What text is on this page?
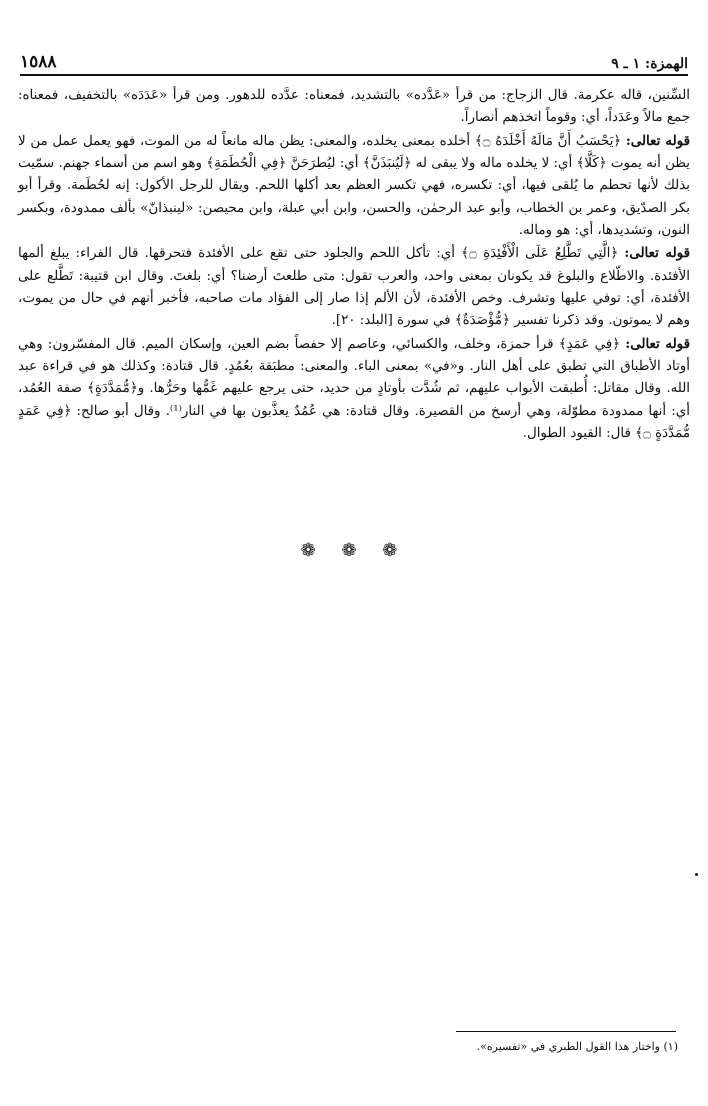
١٥٨٨	الهمزة: ١ ـ ٩

السِّنين، قاله عكرمة. قال الزجاج: من قرأ «عَدَّده» بالتشديد، فمعناه: عدَّده للدهور. ومن قرأ «عَدَدَه» بالتخفيف، فمعناه: جمع مالاً وعَدَداً، أي: وقوماً اتخذهم أنصاراً.

قوله تعالى: ﴿يَحْسَبُ أَنَّ مَالَهُ أَخْلَدَهُ ۝﴾ أخلده بمعنى يخلده، والمعنى: يظن ماله مانعاً له من الموت، فهو يعمل عمل من لا يظن أنه يموت ﴿كَلَّا﴾ أي: لا يخلده ماله ولا يبقى له ﴿لَيُنبَذَنَّ﴾ أي: ليُطرَحَنَّ ﴿فِي الْحُطَمَةِ﴾ وهو اسم من أسماء جهنم. سمّيت بذلك لأنها تحطم ما يُلقى فيها، أي: تكسره، فهي تكسر العظم بعد أكلها اللحم. ويقال للرجل الأكول: إنه لحُطَمة. وقرأ أبو بكر الصدّيق، وعمر بن الخطاب، وأبو عبد الرحمٰن، والحسن، وابن أبي عبلة، وابن محيصن: «لينبذانّ» بألف ممدودة، وبكسر النون، وتشديدها، أي: هو وماله.

قوله تعالى: ﴿الَّتِي تَطَّلِعُ عَلَى الْأَفْئِدَةِ ۝﴾ أي: تأكل اللحم والجلود حتى تقع على الأفئدة فتحرقها. قال الفراء: يبلغ ألمها الأفئدة. والاطّلاع والبلوغ قد يكونان بمعنى واحد، والعرب تقول: متى طلعتَ أرضنا؟ أي: بلغتَ. وقال ابن قتيبة: تَطَّلع على الأفئدة، أي: توفي عليها وتشرف. وخص الأفئدة، لأن الألم إذا صار إلى الفؤاد مات صاحبه، فأخبر أنهم في حال من يموت، وهم لا يموتون. وقد ذكرنا تفسير ﴿مُّؤْصَدَةٌ﴾ في سورة [البلد: ٢٠].

قوله تعالى: ﴿فِي عَمَدٍ﴾ قرأ حمزة، وخلف، والكسائي، وعاصم إلا حفصاً بضم العين، وإسكان الميم. قال المفسّرون: وهي أوتاد الأطباق التي تطبق على أهل النار. و«في» بمعنى الباء. والمعنى: مطبَقة بعُمُدٍ. قال قتادة: وكذلك هو في قراءة عبد الله. وقال مقاتل: أُطبقت الأبواب عليهم، ثم شُدَّت بأوتادٍ من حديد، حتى يرجع عليهم غَمُّها وحَرُّها. و﴿مُّمَدَّدَةٍ﴾ صفة العُمُد، أي: أنها ممدودة مطوّلة، وهي أرسخ من القصيرة. وقال قتادة: هي عُمُدٌ يعذَّبون بها في النار⁽¹⁾. وقال أبو صالح: ﴿فِي عَمَدٍ مُّمَدَّدَةٍ ۝﴾ قال: القيود الطوال.

❁ ❁ ❁
(١) واختار هذا القول الطبري في «تفسيره».
